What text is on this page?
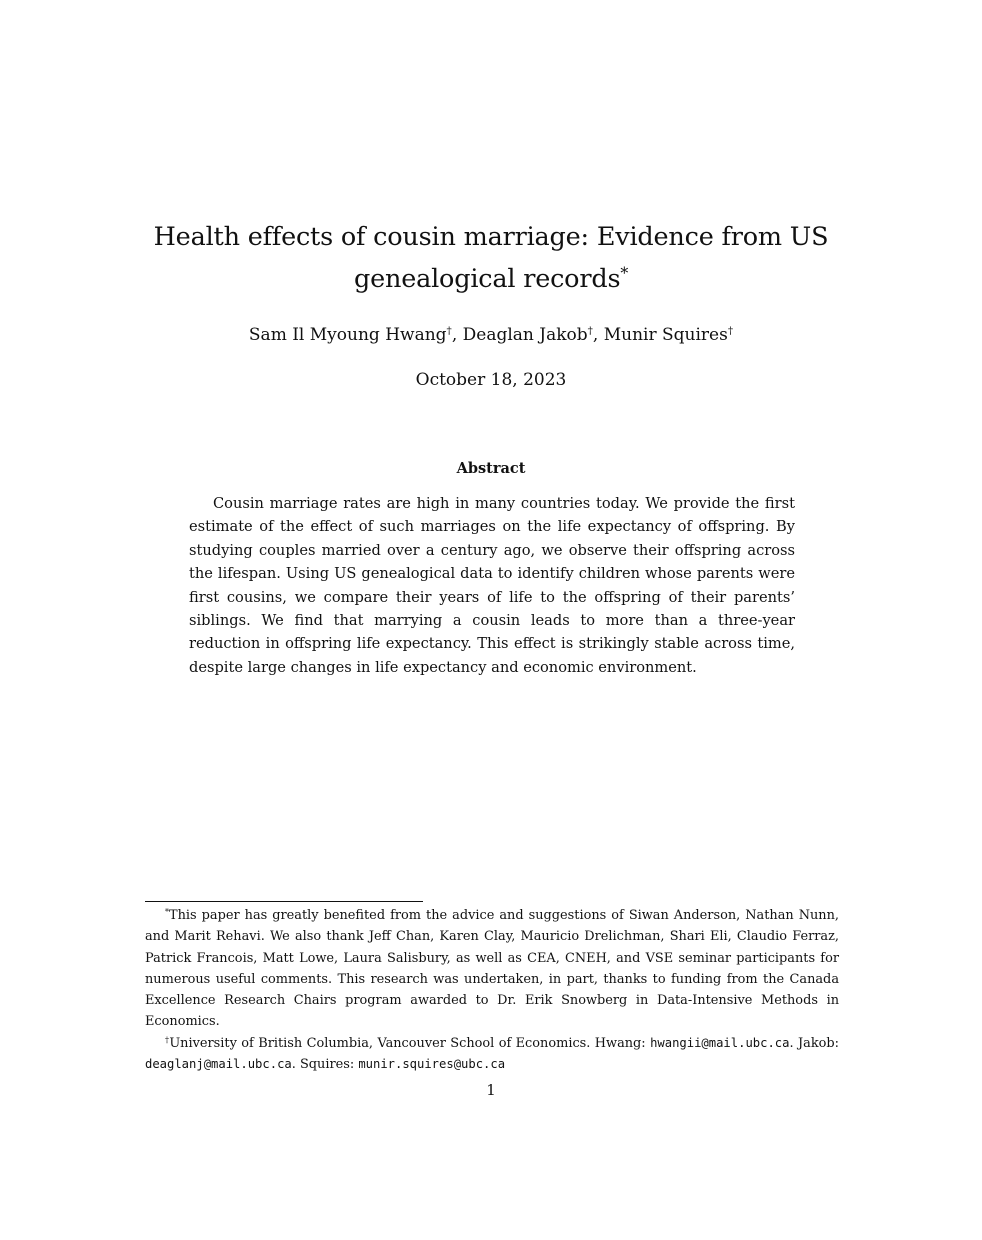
Health effects of cousin marriage: Evidence from US genealogical records*
Sam Il Myoung Hwang†, Deaglan Jakob†, Munir Squires†
October 18, 2023
Abstract

Cousin marriage rates are high in many countries today. We provide the first estimate of the effect of such marriages on the life expectancy of offspring. By studying couples married over a century ago, we observe their offspring across the lifespan. Using US genealogical data to identify children whose parents were first cousins, we compare their years of life to the offspring of their parents’ siblings. We find that marrying a cousin leads to more than a three-year reduction in offspring life expectancy. This effect is strikingly stable across time, despite large changes in life expectancy and economic environment.

*This paper has greatly benefited from the advice and suggestions of Siwan Anderson, Nathan Nunn, and Marit Rehavi. We also thank Jeff Chan, Karen Clay, Mauricio Drelichman, Shari Eli, Claudio Ferraz, Patrick Francois, Matt Lowe, Laura Salisbury, as well as CEA, CNEH, and VSE seminar participants for numerous useful comments. This research was undertaken, in part, thanks to funding from the Canada Excellence Research Chairs program awarded to Dr. Erik Snowberg in Data-Intensive Methods in Economics.

†University of British Columbia, Vancouver School of Economics. Hwang: hwangii@mail.ubc.ca. Jakob: deaglanj@mail.ubc.ca. Squires: munir.squires@ubc.ca

1
